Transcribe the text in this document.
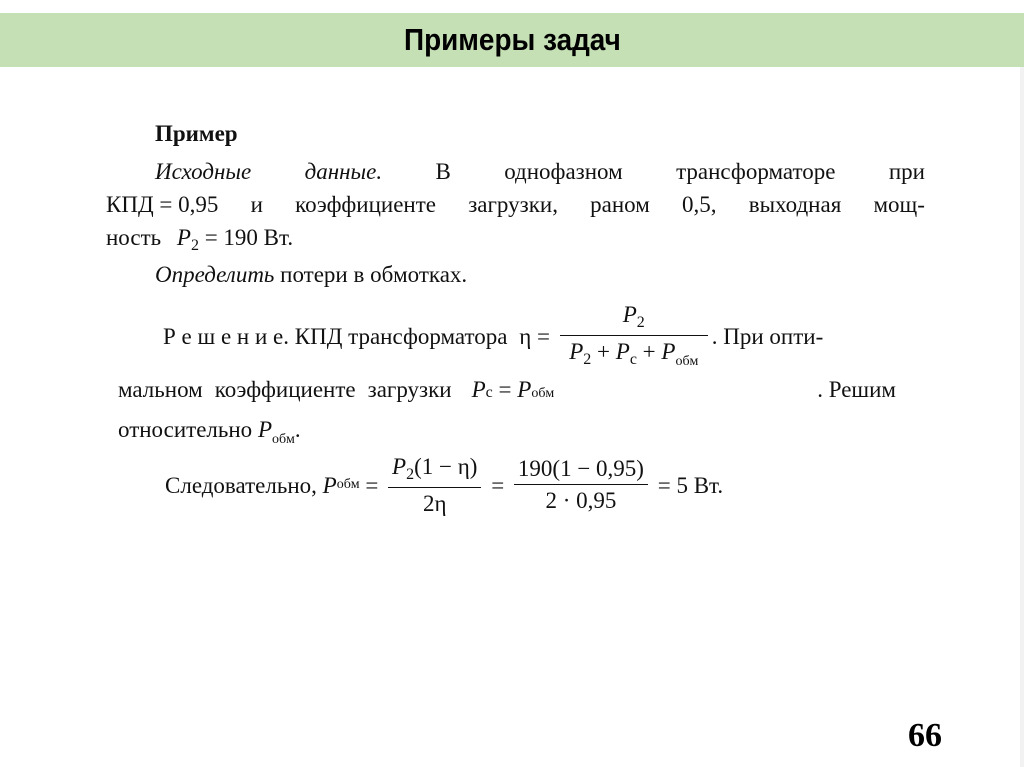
Примеры задач
Пример
Исходные данные. В однофазном трансформаторе при
КПД = 0,95 и коэффициенте загрузки, раном 0,5, выходная мощ-
ность $P_2 = 190$ Вт.
Определить потери в обмотках.
Р е ш е н и е. КПД трансформатора $\eta = \frac{P_2}{P_2 + P_с + P_{обм}}$ . При опти-
мальном коэффициенте загрузки P с = P обм	. Решим
относительно $P_{обм}$.
Следовательно, P обм = $\frac{P_2(1 - \eta)}{2\eta} = \frac{190(1 - 0,95)}{2 \cdot 0,95} = 5$ Вт.
66
